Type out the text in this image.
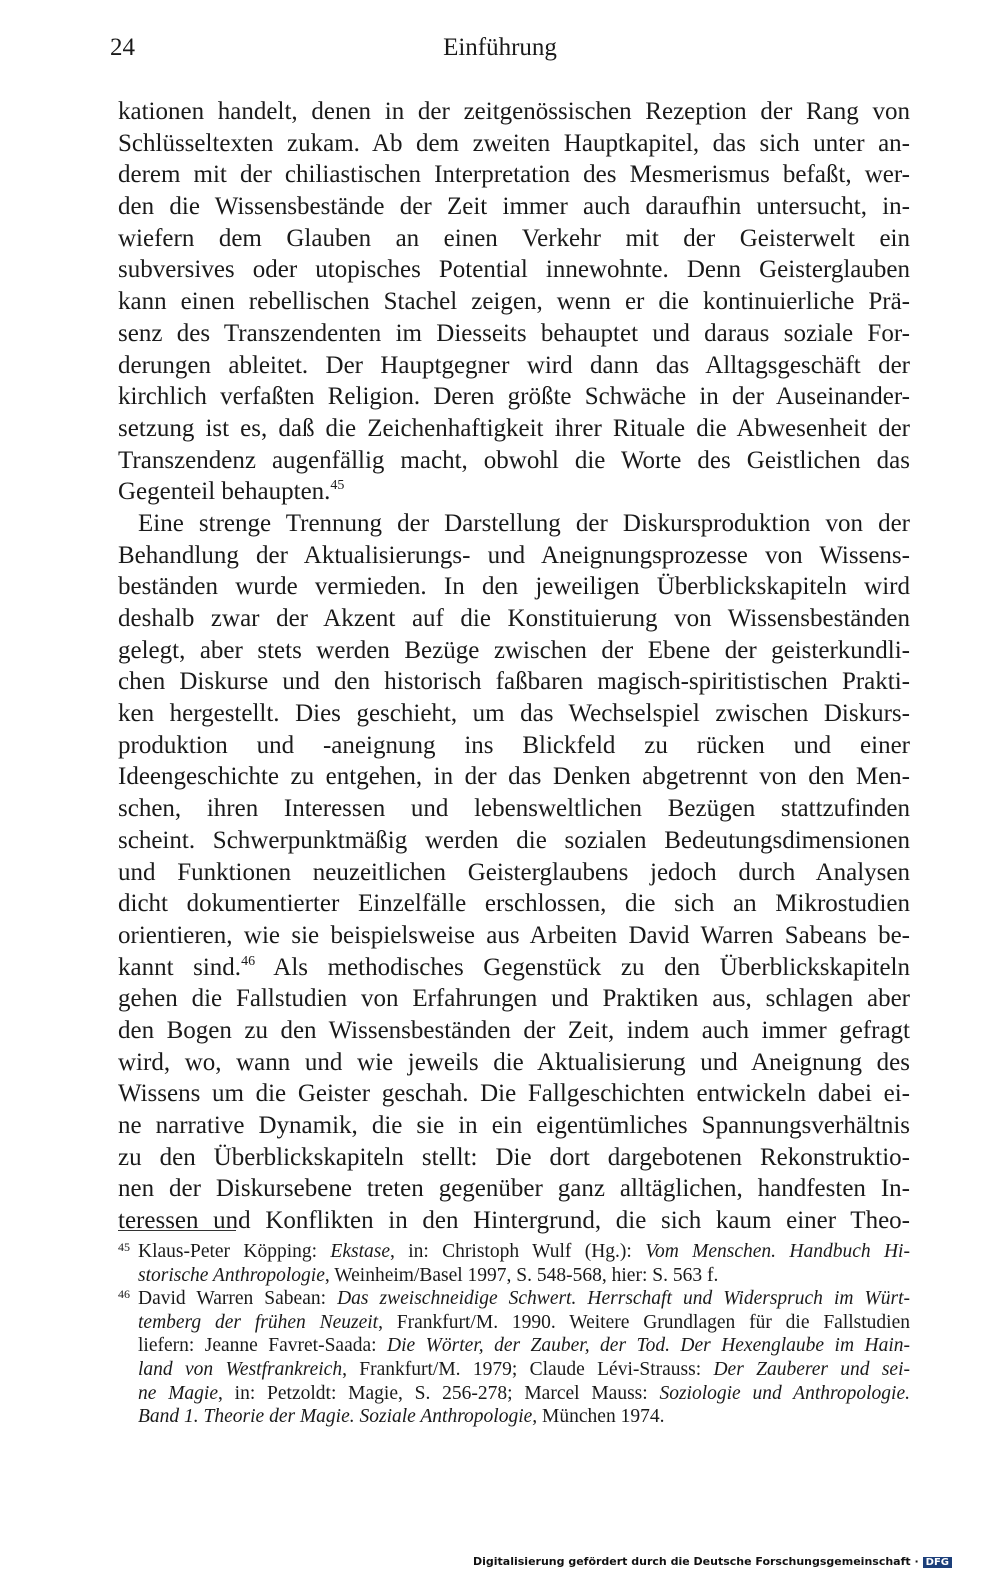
24	Einführung
kationen handelt, denen in der zeitgenössischen Rezeption der Rang von
Schlüsseltexten zukam. Ab dem zweiten Hauptkapitel, das sich unter an-
derem mit der chiliastischen Interpretation des Mesmerismus befaßt, wer-
den die Wissensbestände der Zeit immer auch daraufhin untersucht, in-
wiefern dem Glauben an einen Verkehr mit der Geisterwelt ein
subversives oder utopisches Potential innewohnte. Denn Geisterglauben
kann einen rebellischen Stachel zeigen, wenn er die kontinuierliche Prä-
senz des Transzendenten im Diesseits behauptet und daraus soziale For-
derungen ableitet. Der Hauptgegner wird dann das Alltagsgeschäft der
kirchlich verfaßten Religion. Deren größte Schwäche in der Auseinander-
setzung ist es, daß die Zeichenhaftigkeit ihrer Rituale die Abwesenheit der
Transzendenz augenfällig macht, obwohl die Worte des Geistlichen das
Gegenteil behaupten.$^{45}$
Eine strenge Trennung der Darstellung der Diskursproduktion von der
Behandlung der Aktualisierungs- und Aneignungsprozesse von Wissens-
beständen wurde vermieden. In den jeweiligen Überblickskapiteln wird
deshalb zwar der Akzent auf die Konstituierung von Wissensbeständen
gelegt, aber stets werden Bezüge zwischen der Ebene der geisterkundli-
chen Diskurse und den historisch faßbaren magisch-spiritistischen Prakti-
ken hergestellt. Dies geschieht, um das Wechselspiel zwischen Diskurs-
produktion und -aneignung ins Blickfeld zu rücken und einer
Ideengeschichte zu entgehen, in der das Denken abgetrennt von den Men-
schen, ihren Interessen und lebensweltlichen Bezügen stattzufinden
scheint. Schwerpunktmäßig werden die sozialen Bedeutungsdimensionen
und Funktionen neuzeitlichen Geisterglaubens jedoch durch Analysen
dicht dokumentierter Einzelfälle erschlossen, die sich an Mikrostudien
orientieren, wie sie beispielsweise aus Arbeiten David Warren Sabeans be-
kannt sind.$^{46}$ Als methodisches Gegenstück zu den Überblickskapiteln
gehen die Fallstudien von Erfahrungen und Praktiken aus, schlagen aber
den Bogen zu den Wissensbeständen der Zeit, indem auch immer gefragt
wird, wo, wann und wie jeweils die Aktualisierung und Aneignung des
Wissens um die Geister geschah. Die Fallgeschichten entwickeln dabei ei-
ne narrative Dynamik, die sie in ein eigentümliches Spannungsverhältnis
zu den Überblickskapiteln stellt: Die dort dargebotenen Rekonstruktio-
nen der Diskursebene treten gegenüber ganz alltäglichen, handfesten In-
teressen und Konflikten in den Hintergrund, die sich kaum einer Theo-
45 Klaus-Peter Köpping: Ekstase, in: Christoph Wulf (Hg.): Vom Menschen. Handbuch Hi-
storische Anthropologie, Weinheim/Basel 1997, S. 548-568, hier: S. 563 f.
46 David Warren Sabean: Das zweischneidige Schwert. Herrschaft und Widerspruch im Würt-
temberg der frühen Neuzeit, Frankfurt/M. 1990. Weitere Grundlagen für die Fallstudien
liefern: Jeanne Favret-Saada: Die Wörter, der Zauber, der Tod. Der Hexenglaube im Hain-
land von Westfrankreich, Frankfurt/M. 1979; Claude Lévi-Strauss: Der Zauberer und sei-
ne Magie, in: Petzoldt: Magie, S. 256-278; Marcel Mauss: Soziologie und Anthropologie.
Band 1. Theorie der Magie. Soziale Anthropologie, München 1974.
Digitalisierung gefördert durch die Deutsche Forschungsgemeinschaft · DFG
